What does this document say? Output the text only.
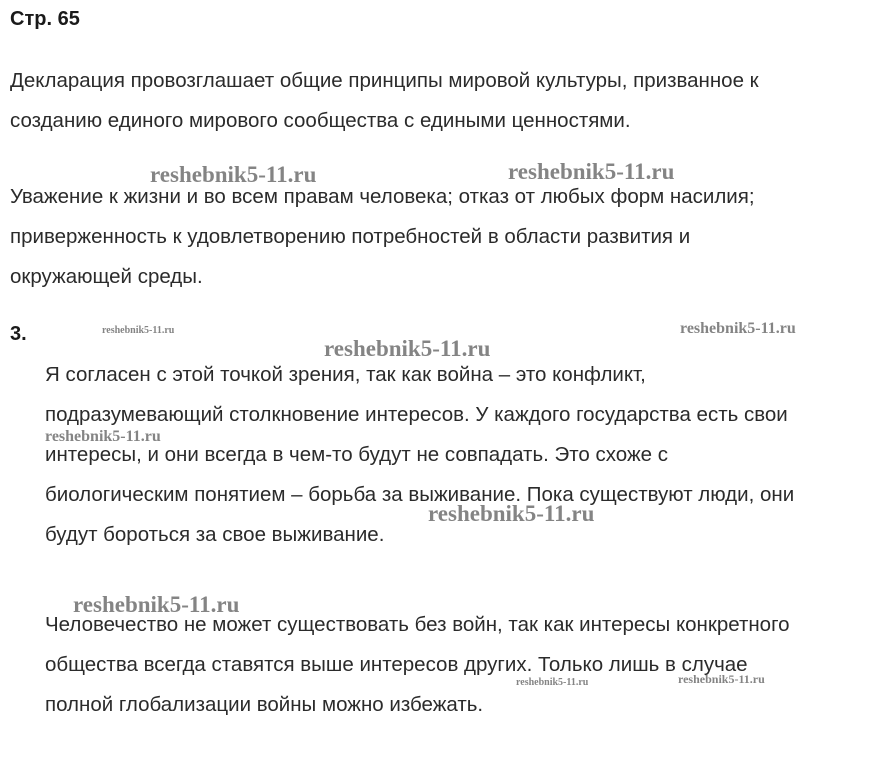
Стр. 65

Декларация провозглашает общие принципы мировой культуры, призванное к
созданию единого мирового сообщества с едиными ценностями.

Уважение к жизни и во всем правам человека; отказ от любых форм насилия;
приверженность к удовлетворению потребностей в области развития и
окружающей среды.

3.

Я согласен с этой точкой зрения, так как война – это конфликт,
подразумевающий столкновение интересов. У каждого государства есть свои
интересы, и они всегда в чем-то будут не совпадать. Это схоже с
биологическим понятием – борьба за выживание. Пока существуют люди, они
будут бороться за свое выживание.

Человечество не может существовать без войн, так как интересы конкретного
общества всегда ставятся выше интересов других. Только лишь в случае
полной глобализации войны можно избежать.

reshebnik5-11.ru	reshebnik5-11.ru
reshebnik5-11.ru	reshebnik5-11.ru
reshebnik5-11.ru
reshebnik5-11.ru
reshebnik5-11.ru
reshebnik5-11.ru
reshebnik5-11.ru	reshebnik5-11.ru
